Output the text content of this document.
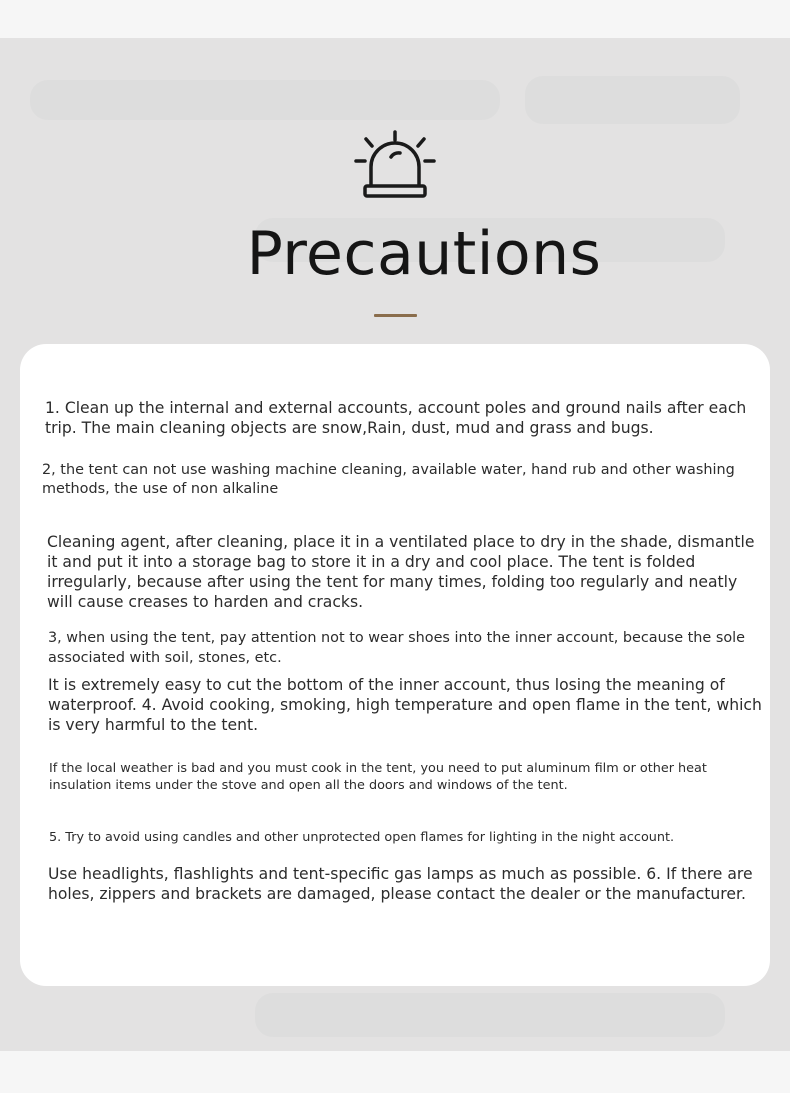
Precautions

1. Clean up the internal and external accounts, account poles and ground nails after each trip. The main cleaning objects are snow,Rain, dust, mud and grass and bugs.

2, the tent can not use washing machine cleaning, available water, hand rub and other washing methods, the use of non alkaline

Cleaning agent, after cleaning, place it in a ventilated place to dry in the shade, dismantle it and put it into a storage bag to store it in a dry and cool place. The tent is folded irregularly, because after using the tent for many times, folding too regularly and neatly will cause creases to harden and cracks.

3, when using the tent, pay attention not to wear shoes into the inner account, because the sole associated with soil, stones, etc.

It is extremely easy to cut the bottom of the inner account, thus losing the meaning of waterproof. 4. Avoid cooking, smoking, high temperature and open flame in the tent, which is very harmful to the tent.

If the local weather is bad and you must cook in the tent, you need to put aluminum film or other heat insulation items under the stove and open all the doors and windows of the tent.

5. Try to avoid using candles and other unprotected open flames for lighting in the night account.

Use headlights, flashlights and tent-specific gas lamps as much as possible. 6. If there are holes, zippers and brackets are damaged, please contact the dealer or the manufacturer.
